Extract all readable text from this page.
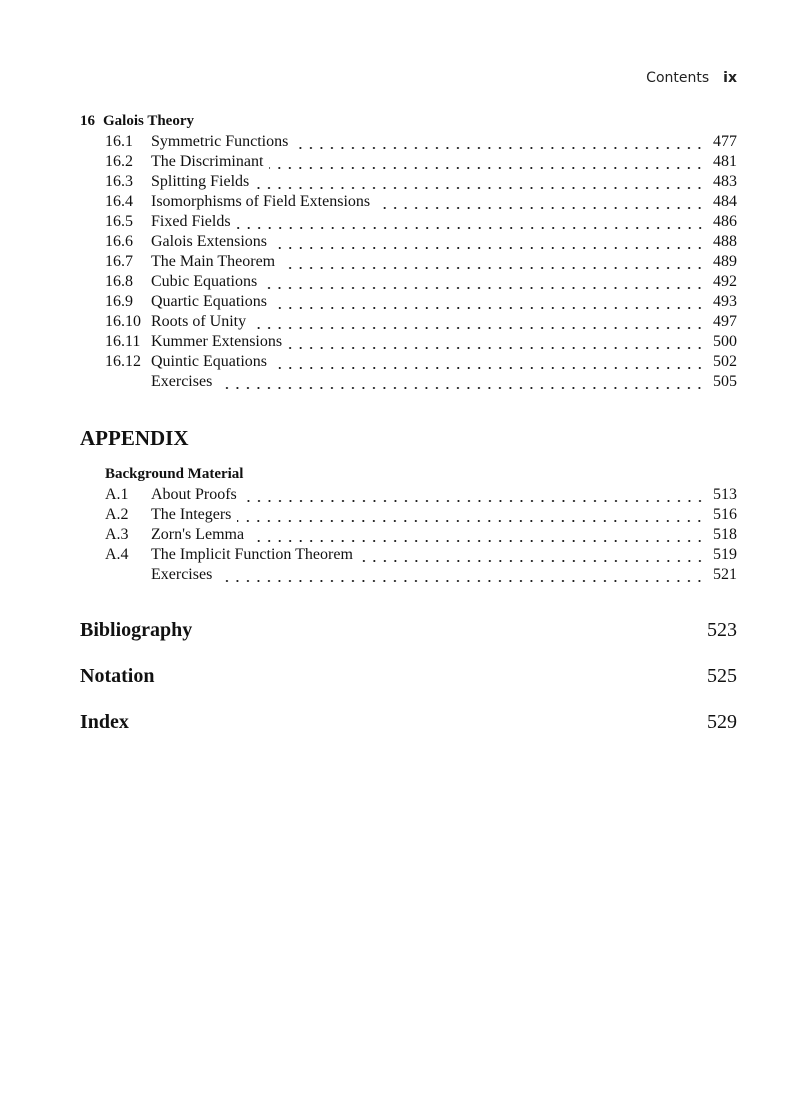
Contents ix
16 Galois Theory
16.1	Symmetric Functions	477
16.2	The Discriminant	481
16.3	Splitting Fields	483
16.4	Isomorphisms of Field Extensions	484
16.5	Fixed Fields	486
16.6	Galois Extensions	488
16.7	The Main Theorem	489
16.8	Cubic Equations	492
16.9	Quartic Equations	493
16.10 Roots of Unity	497
16.11 Kummer Extensions	500
16.12 Quintic Equations	502
Exercises	505
APPENDIX
Background Material
A.1	About Proofs	513
A.2	The Integers	516
A.3	Zorn's Lemma	518
A.4	The Implicit Function Theorem	519
Exercises	521
Bibliography	523
Notation	525
Index	529
